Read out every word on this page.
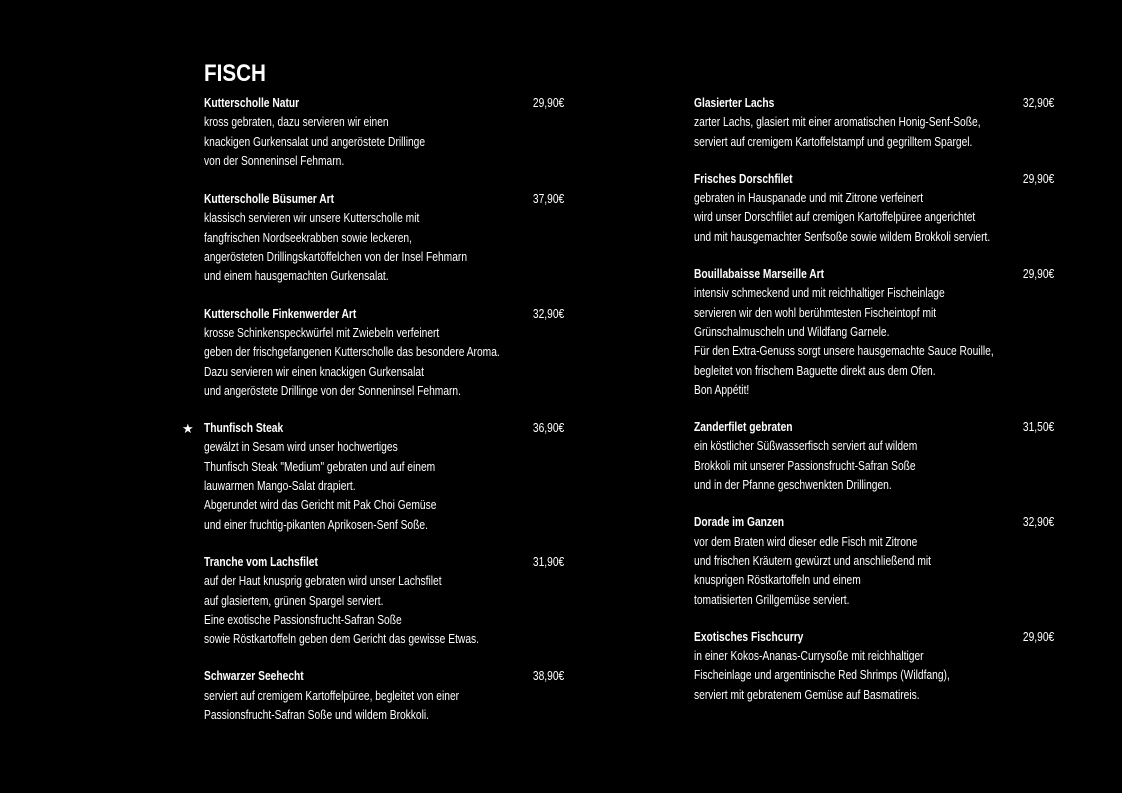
FISCH
Kutterscholle Natur	29,90€
kross gebraten, dazu servieren wir einen
knackigen Gurkensalat und angeröstete Drillinge
von der Sonneninsel Fehmarn.
Kutterscholle Büsumer Art	37,90€
klassisch servieren wir unsere Kutterscholle mit
fangfrischen Nordseekrabben sowie leckeren,
angerösteten Drillingskartöffelchen von der Insel Fehmarn
und einem hausgemachten Gurkensalat.
Kutterscholle Finkenwerder Art	32,90€
krosse Schinkenspeckwürfel mit Zwiebeln verfeinert
geben der frischgefangenen Kutterscholle das besondere Aroma.
Dazu servieren wir einen knackigen Gurkensalat
und angeröstete Drillinge von der Sonneninsel Fehmarn.
★ Thunfisch Steak	36,90€
gewälzt in Sesam wird unser hochwertiges
Thunfisch Steak "Medium" gebraten und auf einem
lauwarmen Mango-Salat drapiert.
Abgerundet wird das Gericht mit Pak Choi Gemüse
und einer fruchtig-pikanten Aprikosen-Senf Soße.
Tranche vom Lachsfilet	31,90€
auf der Haut knusprig gebraten wird unser Lachsfilet
auf glasiertem, grünen Spargel serviert.
Eine exotische Passionsfrucht-Safran Soße
sowie Röstkartoffeln geben dem Gericht das gewisse Etwas.
Schwarzer Seehecht	38,90€
serviert auf cremigem Kartoffelpüree, begleitet von einer
Passionsfrucht-Safran Soße und wildem Brokkoli.
Glasierter Lachs	32,90€
zarter Lachs, glasiert mit einer aromatischen Honig-Senf-Soße,
serviert auf cremigem Kartoffelstampf und gegrilltem Spargel.
Frisches Dorschfilet	29,90€
gebraten in Hauspanade und mit Zitrone verfeinert
wird unser Dorschfilet auf cremigen Kartoffelpüree angerichtet
und mit hausgemachter Senfsoße sowie wildem Brokkoli serviert.
Bouillabaisse Marseille Art	29,90€
intensiv schmeckend und mit reichhaltiger Fischeinlage
servieren wir den wohl berühmtesten Fischeintopf mit
Grünschalmuscheln und Wildfang Garnele.
Für den Extra-Genuss sorgt unsere hausgemachte Sauce Rouille,
begleitet von frischem Baguette direkt aus dem Ofen.
Bon Appétit!
Zanderfilet gebraten	31,50€
ein köstlicher Süßwasserfisch serviert auf wildem
Brokkoli mit unserer Passionsfrucht-Safran Soße
und in der Pfanne geschwenkten Drillingen.
Dorade im Ganzen	32,90€
vor dem Braten wird dieser edle Fisch mit Zitrone
und frischen Kräutern gewürzt und anschließend mit
knusprigen Röstkartoffeln und einem
tomatisierten Grillgemüse serviert.
Exotisches Fischcurry	29,90€
in einer Kokos-Ananas-Currysoße mit reichhaltiger
Fischeinlage und argentinische Red Shrimps (Wildfang),
serviert mit gebratenem Gemüse auf Basmatireis.
